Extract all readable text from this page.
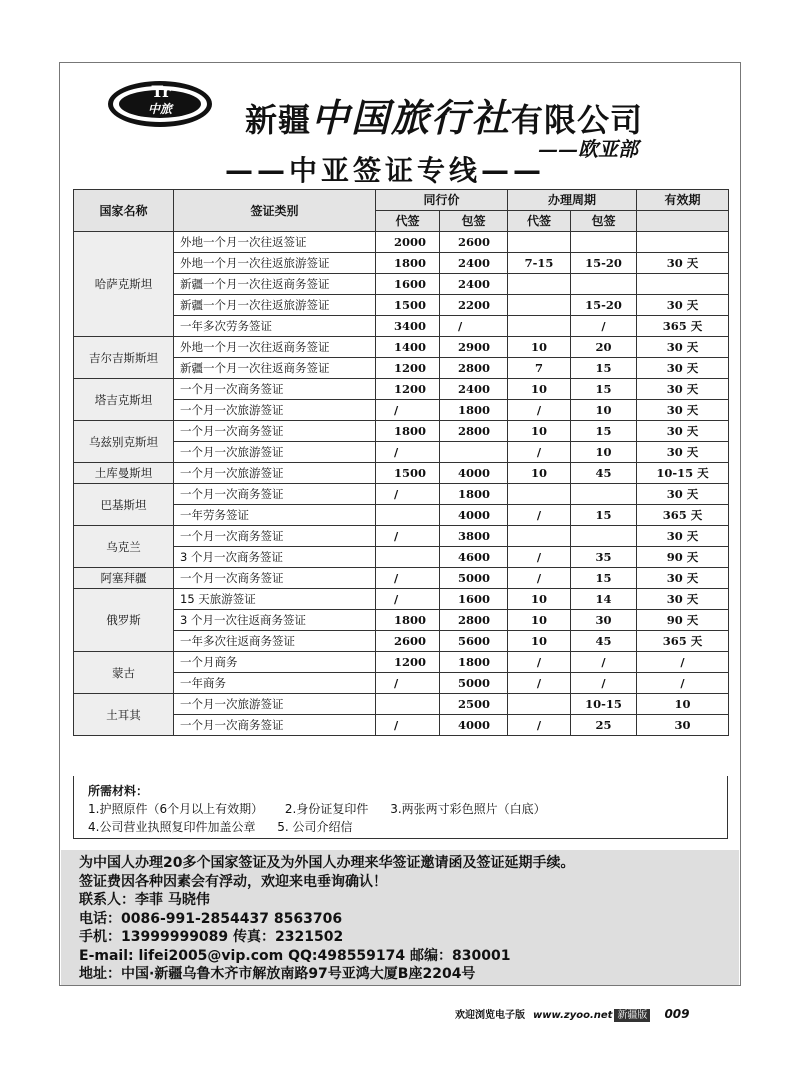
Tr
中旅	新疆中国旅行社有限公司
——欧亚部
——中亚签证专线——
国家名称	签证类别	同行价		办理周期		有效期
		代签	包签	代签	包签	
哈萨克斯坦	外地一个月一次往返签证	2000	2600			
	外地一个月一次往返旅游签证	1800	2400	7-15	15-20	30 天
	新疆一个月一次往返商务签证	1600	2400			
	新疆一个月一次往返旅游签证	1500	2200		15-20	30 天
	一年多次劳务签证	3400	/		/	365 天
吉尔吉斯斯坦	外地一个月一次往返商务签证	1400	2900	10	20	30 天
	新疆一个月一次往返商务签证	1200	2800	7	15	30 天
塔吉克斯坦	一个月一次商务签证	1200	2400	10	15	30 天
	一个月一次旅游签证	/	1800	/	10	30 天
乌兹别克斯坦	一个月一次商务签证	1800	2800	10	15	30 天
	一个月一次旅游签证	/		/	10	30 天
土库曼斯坦	一个月一次旅游签证	1500	4000	10	45	10-15 天
巴基斯坦	一个月一次商务签证	/	1800			30 天
	一年劳务签证		4000	/	15	365 天
乌克兰	一个月一次商务签证	/	3800			30 天
	3 个月一次商务签证		4600	/	35	90 天
阿塞拜疆	一个月一次商务签证	/	5000	/	15	30 天
俄罗斯	15 天旅游签证	/	1600	10	14	30 天
	3 个月一次往返商务签证	1800	2800	10	30	90 天
	一年多次往返商务签证	2600	5600	10	45	365 天
蒙古	一个月商务	1200	1800	/	/	/
	一年商务	/	5000	/	/	/
土耳其	一个月一次旅游签证		2500		10-15	10
	一个月一次商务签证	/	4000	/	25	30
所需材料：
1.护照原件（6个月以上有效期） 2.身份证复印件 3.两张两寸彩色照片（白底）
4.公司营业执照复印件加盖公章 5. 公司介绍信
为中国人办理20多个国家签证及为外国人办理来华签证邀请函及签证延期手续。
签证费因各种因素会有浮动，欢迎来电垂询确认！
联系人：李菲 马晓伟
电话：0086-991-2854437 8563706
手机：13999999089 传真：2321502
E-mail: lifei2005@vip.com QQ:498559174 邮编：830001
地址：中国·新疆乌鲁木齐市解放南路97号亚鸿大厦B座2204号
欢迎浏览电子版 www.zyoo.net 新疆版 009
